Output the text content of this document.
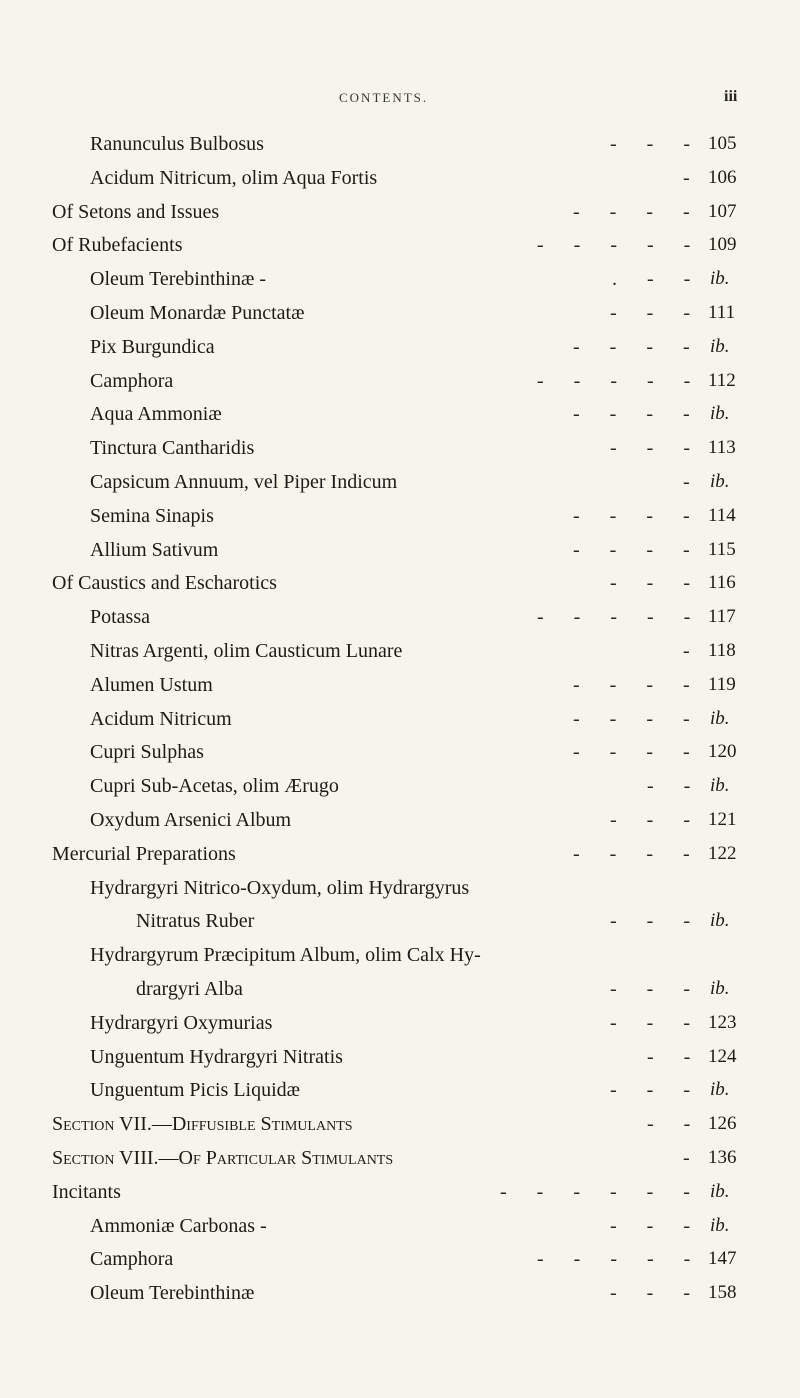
CONTENTS.	iii
Ranunculus Bulbosus	-      -      - 105
Acidum Nitricum, olim Aqua Fortis	- 106
Of Setons and Issues	-      -      -      - 107
Of Rubefacients	-      -      -      -      - 109
Oleum Terebinthinæ -	.      -      - ib.
Oleum Monardæ Punctatæ	-      -      - 111
Pix Burgundica	-      -      -      - ib.
Camphora	-      -      -      -      - 112
Aqua Ammoniæ	-      -      -      - ib.
Tinctura Cantharidis	-      -      - 113
Capsicum Annuum, vel Piper Indicum	- ib.
Semina Sinapis	-      -      -      - 114
Allium Sativum	-      -      -      - 115
Of Caustics and Escharotics	-      -      - 116
Potassa	-      -      -      -      - 117
Nitras Argenti, olim Causticum Lunare	- 118
Alumen Ustum	-      -      -      - 119
Acidum Nitricum	-      -      -      - ib.
Cupri Sulphas	-      -      -      - 120
Cupri Sub-Acetas, olim Ærugo	-      - ib.
Oxydum Arsenici Album	-      -      - 121
Mercurial Preparations	-      -      -      - 122
Hydrargyri Nitrico-Oxydum, olim Hydrargyrus
Nitratus Ruber	-      -      - ib.
Hydrargyrum Præcipitum Album, olim Calx Hy-
drargyri Alba	-      -      - ib.
Hydrargyri Oxymurias	-      -      - 123
Unguentum Hydrargyri Nitratis	-      - 124
Unguentum Picis Liquidæ	-      -      - ib.
Section VII.—Diffusible Stimulants	-      - 126
Section VIII.—Of Particular Stimulants	- 136
Incitants	-      -      -      -      -      - ib.
Ammoniæ Carbonas -	-      -      - ib.
Camphora	-      -      -      -      - 147
Oleum Terebinthinæ	-      -      - 158
